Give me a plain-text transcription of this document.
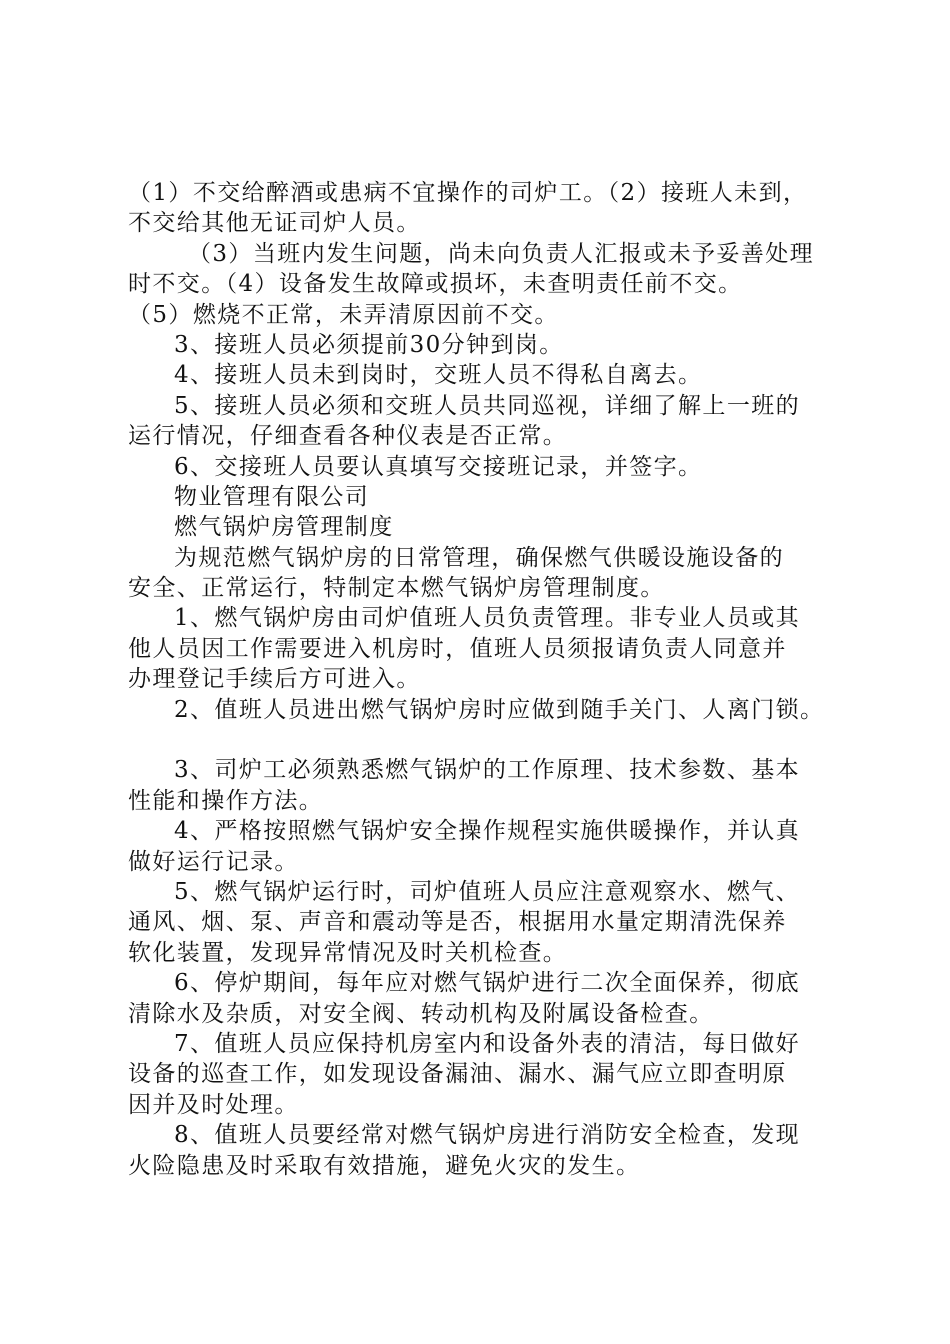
（1）不交给醉酒或患病不宜操作的司炉工。（2）接班人未到，
不交给其他无证司炉人员。
（3）当班内发生问题，尚未向负责人汇报或未予妥善处理
时不交。（4）设备发生故障或损坏，未查明责任前不交。
（5）燃烧不正常，未弄清原因前不交。
3、接班人员必须提前30分钟到岗。
4、接班人员未到岗时，交班人员不得私自离去。
5、接班人员必须和交班人员共同巡视，详细了解上一班的
运行情况，仔细查看各种仪表是否正常。
6、交接班人员要认真填写交接班记录，并签字。
物业管理有限公司
燃气锅炉房管理制度
为规范燃气锅炉房的日常管理，确保燃气供暖设施设备的
安全、正常运行，特制定本燃气锅炉房管理制度。
1、燃气锅炉房由司炉值班人员负责管理。非专业人员或其
他人员因工作需要进入机房时，值班人员须报请负责人同意并
办理登记手续后方可进入。
2、值班人员进出燃气锅炉房时应做到随手关门、人离门锁。
3、司炉工必须熟悉燃气锅炉的工作原理、技术参数、基本
性能和操作方法。
4、严格按照燃气锅炉安全操作规程实施供暖操作，并认真
做好运行记录。
5、燃气锅炉运行时，司炉值班人员应注意观察水、燃气、
通风、烟、泵、声音和震动等是否，根据用水量定期清洗保养
软化装置，发现异常情况及时关机检查。
6、停炉期间，每年应对燃气锅炉进行二次全面保养，彻底
清除水及杂质，对安全阀、转动机构及附属设备检查。
7、值班人员应保持机房室内和设备外表的清洁，每日做好
设备的巡查工作，如发现设备漏油、漏水、漏气应立即查明原
因并及时处理。
8、值班人员要经常对燃气锅炉房进行消防安全检查，发现
火险隐患及时采取有效措施，避免火灾的发生。
